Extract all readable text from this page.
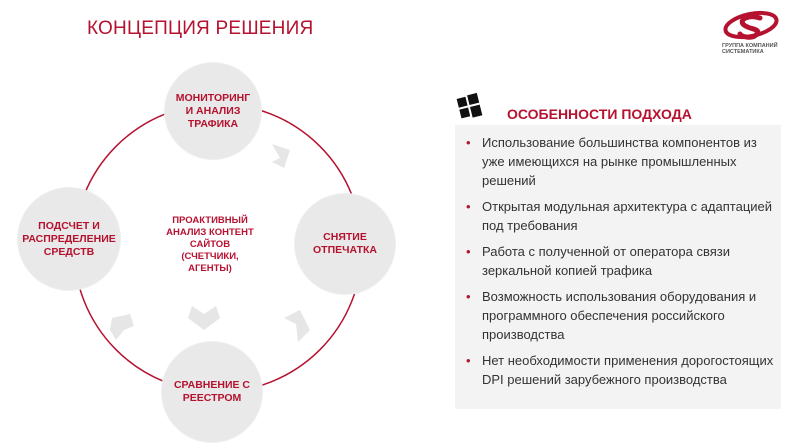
КОНЦЕПЦИЯ РЕШЕНИЯ
ГРУППА КОМПАНИЙ
СИСТЕМАТИКА
МОНИТОРИНГ И АНАЛИЗ ТРАФИКА
СНЯТИЕ ОТПЕЧАТКА
СРАВНЕНИЕ С РЕЕСТРОМ
ПОДСЧЕТ И РАСПРЕДЕЛЕНИЕ СРЕДСТВ
ПРОАКТИВНЫЙ АНАЛИЗ КОНТЕНТ САЙТОВ (СЧЕТЧИКИ, АГЕНТЫ)
ОСОБЕННОСТИ ПОДХОДА
• Использование большинства компонентов из уже имеющихся на рынке промышленных решений
• Открытая модульная архитектура с адаптацией под требования
• Работа с полученной от оператора связи зеркальной копией трафика
• Возможность использования оборудования и программного обеспечения российского производства
• Нет необходимости применения дорогостоящих DPI решений зарубежного производства
